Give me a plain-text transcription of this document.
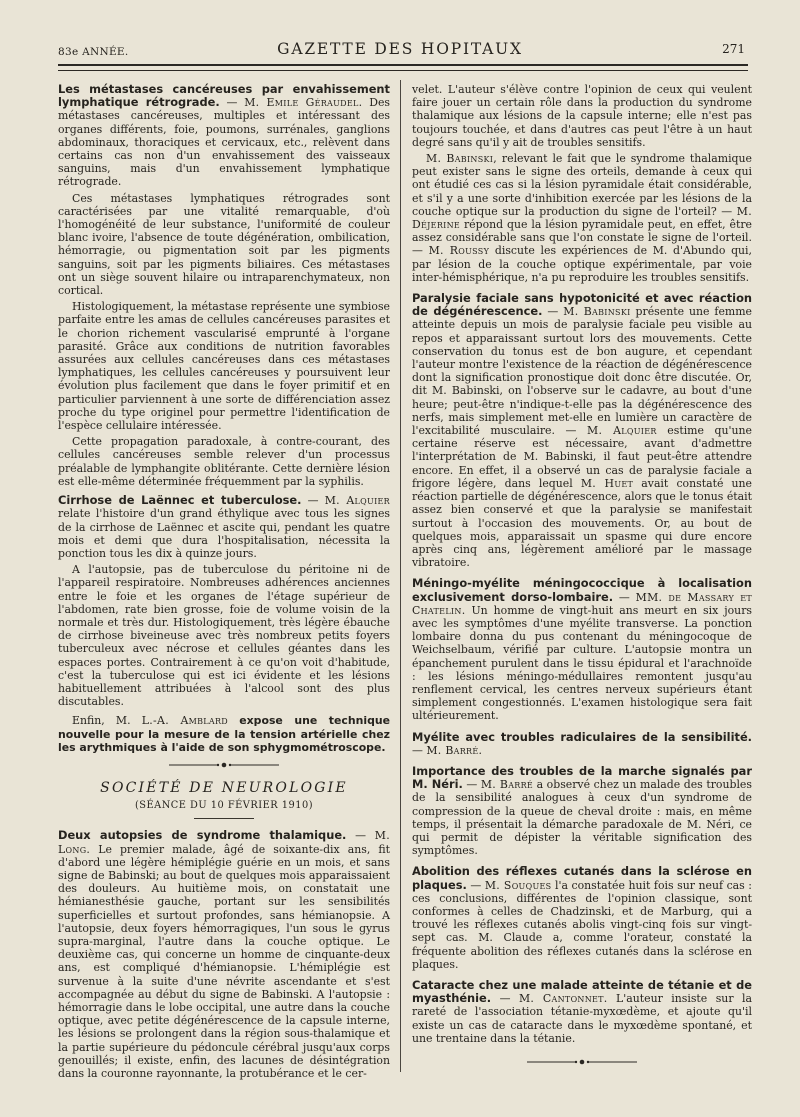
83e ANNÉE.	GAZETTE DES HOPITAUX	271

Les métastases cancéreuses par envahissement lymphatique rétrograde. — M. Emile Géraudel. Des métastases cancéreuses, multiples et intéressant des organes différents, foie, poumons, surrénales, ganglions abdominaux, thoraciques et cervicaux, etc., relèvent dans certains cas non d'un envahissement des vaisseaux sanguins, mais d'un envahissement lymphatique rétrograde.

Ces métastases lymphatiques rétrogrades sont caractérisées par une vitalité remarquable, d'où l'homogénéité de leur substance, l'uniformité de couleur blanc ivoire, l'absence de toute dégénération, ombilication, hémorragie, ou pigmentation soit par les pigments sanguins, soit par les pigments biliaires. Ces métastases ont un siège souvent hilaire ou intraparenchymateux, non cortical.

Histologiquement, la métastase représente une symbiose parfaite entre les amas de cellules cancéreuses parasites et le chorion richement vascularisé emprunté à l'organe parasité. Grâce aux conditions de nutrition favorables assurées aux cellules cancéreuses dans ces métastases lymphatiques, les cellules cancéreuses y poursuivent leur évolution plus facilement que dans le foyer primitif et en particulier parviennent à une sorte de différenciation assez proche du type originel pour permettre l'identification de l'espèce cellulaire intéressée.

Cette propagation paradoxale, à contre-courant, des cellules cancéreuses semble relever d'un processus préalable de lymphangite oblitérante. Cette dernière lésion est elle-même déterminée fréquemment par la syphilis.

Cirrhose de Laënnec et tuberculose. — M. Alquier relate l'histoire d'un grand éthylique avec tous les signes de la cirrhose de Laënnec et ascite qui, pendant les quatre mois et demi que dura l'hospitalisation, nécessita la ponction tous les dix à quinze jours.

A l'autopsie, pas de tuberculose du péritoine ni de l'appareil respiratoire. Nombreuses adhérences anciennes entre le foie et les organes de l'étage supérieur de l'abdomen, rate bien grosse, foie de volume voisin de la normale et très dur. Histologiquement, très légère ébauche de cirrhose biveineuse avec très nombreux petits foyers tuberculeux avec nécrose et cellules géantes dans les espaces portes. Contrairement à ce qu'on voit d'habitude, c'est la tuberculose qui est ici évidente et les lésions habituellement attribuées à l'alcool sont des plus discutables.

Enfin, M. L.-A. Amblard expose une technique nouvelle pour la mesure de la tension artérielle chez les arythmiques à l'aide de son sphygmométroscope.

SOCIÉTÉ DE NEUROLOGIE

(SÉANCE DU 10 FÉVRIER 1910)

Deux autopsies de syndrome thalamique. — M. Long. Le premier malade, âgé de soixante-dix ans, fit d'abord une légère hémiplégie guérie en un mois, et sans signe de Babinski; au bout de quelques mois apparaissaient des douleurs. Au huitième mois, on constatait une hémianesthésie gauche, portant sur les sensibilités superficielles et surtout profondes, sans hémianopsie. A l'autopsie, deux foyers hémorragiques, l'un sous le gyrus supra-marginal, l'autre dans la couche optique. Le deuxième cas, qui concerne un homme de cinquante-deux ans, est compliqué d'hémianopsie. L'hémiplégie est survenue à la suite d'une névrite ascendante et s'est accompagnée au début du signe de Babinski. A l'autopsie : hémorragie dans le lobe occipital, une autre dans la couche optique, avec petite dégénérescence de la capsule interne, les lésions se prolongent dans la région sous-thalamique et la partie supérieure du pédoncule cérébral jusqu'aux corps genouillés; il existe, enfin, des lacunes de désintégration dans la couronne rayonnante, la protubérance et le cer-

velet. L'auteur s'élève contre l'opinion de ceux qui veulent faire jouer un certain rôle dans la production du syndrome thalamique aux lésions de la capsule interne; elle n'est pas toujours touchée, et dans d'autres cas peut l'être à un haut degré sans qu'il y ait de troubles sensitifs.

M. Babinski, relevant le fait que le syndrome thalamique peut exister sans le signe des orteils, demande à ceux qui ont étudié ces cas si la lésion pyramidale était considérable, et s'il y a une sorte d'inhibition exercée par les lésions de la couche optique sur la production du signe de l'orteil? — M. Déjerine répond que la lésion pyramidale peut, en effet, être assez considérable sans que l'on constate le signe de l'orteil. — M. Roussy discute les expériences de M. d'Abundo qui, par lésion de la couche optique expérimentale, par voie inter-hémisphérique, n'a pu reproduire les troubles sensitifs.

Paralysie faciale sans hypotonicité et avec réaction de dégénérescence. — M. Babinski présente une femme atteinte depuis un mois de paralysie faciale peu visible au repos et apparaissant surtout lors des mouvements. Cette conservation du tonus est de bon augure, et cependant l'auteur montre l'existence de la réaction de dégénérescence dont la signification pronostique doit donc être discutée. Or, dit M. Babinski, on l'observe sur le cadavre, au bout d'une heure; peut-être n'indique-t-elle pas la dégénérescence des nerfs, mais simplement met-elle en lumière un caractère de l'excitabilité musculaire. — M. Alquier estime qu'une certaine réserve est nécessaire, avant d'admettre l'interprétation de M. Babinski, il faut peut-être attendre encore. En effet, il a observé un cas de paralysie faciale a frigore légère, dans lequel M. Huet avait constaté une réaction partielle de dégénérescence, alors que le tonus était assez bien conservé et que la paralysie se manifestait surtout à l'occasion des mouvements. Or, au bout de quelques mois, apparaissait un spasme qui dure encore après cinq ans, légèrement amélioré par le massage vibratoire.

Méningo-myélite méningococcique à localisation exclusivement dorso-lombaire. — MM. de Massary et Chatelin. Un homme de vingt-huit ans meurt en six jours avec les symptômes d'une myélite transverse. La ponction lombaire donna du pus contenant du méningocoque de Weichselbaum, vérifié par culture. L'autopsie montra un épanchement purulent dans le tissu épidural et l'arachnoïde : les lésions méningo-médullaires remontent jusqu'au renflement cervical, les centres nerveux supérieurs étant simplement congestionnés. L'examen histologique sera fait ultérieurement.

Myélite avec troubles radiculaires de la sensibilité. — M. Barré.

Importance des troubles de la marche signalés par M. Néri. — M. Barré a observé chez un malade des troubles de la sensibilité analogues à ceux d'un syndrome de compression de la queue de cheval droite : mais, en même temps, il présentait la démarche paradoxale de M. Néri, ce qui permit de dépister la véritable signification des symptômes.

Abolition des réflexes cutanés dans la sclérose en plaques. — M. Souques l'a constatée huit fois sur neuf cas : ces conclusions, différentes de l'opinion classique, sont conformes à celles de Chadzinski, et de Marburg, qui a trouvé les réflexes cutanés abolis vingt-cinq fois sur vingt-sept cas. M. Claude a, comme l'orateur, constaté la fréquente abolition des réflexes cutanés dans la sclérose en plaques.

Cataracte chez une malade atteinte de tétanie et de myasthénie. — M. Cantonnet. L'auteur insiste sur la rareté de l'association tétanie-myxœdème, et ajoute qu'il existe un cas de cataracte dans le myxœdème spontané, et une trentaine dans la tétanie.
